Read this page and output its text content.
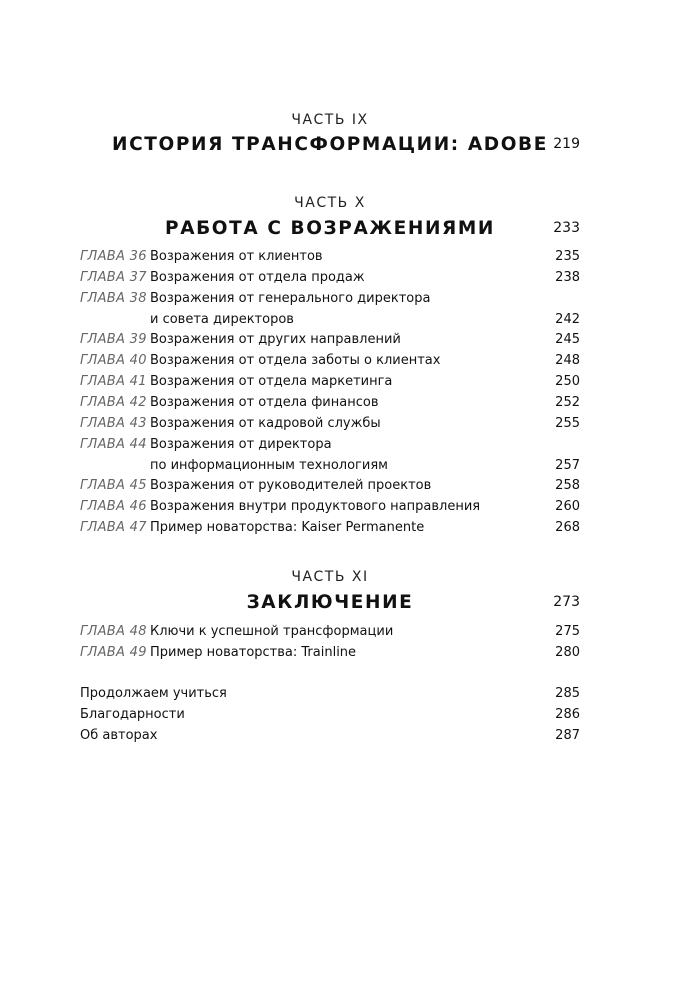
ЧАСТЬ IX
ИСТОРИЯ ТРАНСФОРМАЦИИ: ADOBE 219
ЧАСТЬ X
РАБОТА С ВОЗРАЖЕНИЯМИ	233
ГЛАВА 36 Возражения от клиентов	235
ГЛАВА 37 Возражения от отдела продаж	238
ГЛАВА 38 Возражения от генерального директора
и совета директоров	242
ГЛАВА 39 Возражения от других направлений	245
ГЛАВА 40 Возражения от отдела заботы о клиентах	248
ГЛАВА 41 Возражения от отдела маркетинга	250
ГЛАВА 42 Возражения от отдела финансов	252
ГЛАВА 43 Возражения от кадровой службы	255
ГЛАВА 44 Возражения от директора
по информационным технологиям	257
ГЛАВА 45 Возражения от руководителей проектов	258
ГЛАВА 46 Возражения внутри продуктового направления	260
ГЛАВА 47 Пример новаторства: Kaiser Permanente	268
ЧАСТЬ XI
ЗАКЛЮЧЕНИЕ	273
ГЛАВА 48 Ключи к успешной трансформации	275
ГЛАВА 49 Пример новаторства: Trainline	280
Продолжаем учиться	285
Благодарности	286
Об авторах	287
